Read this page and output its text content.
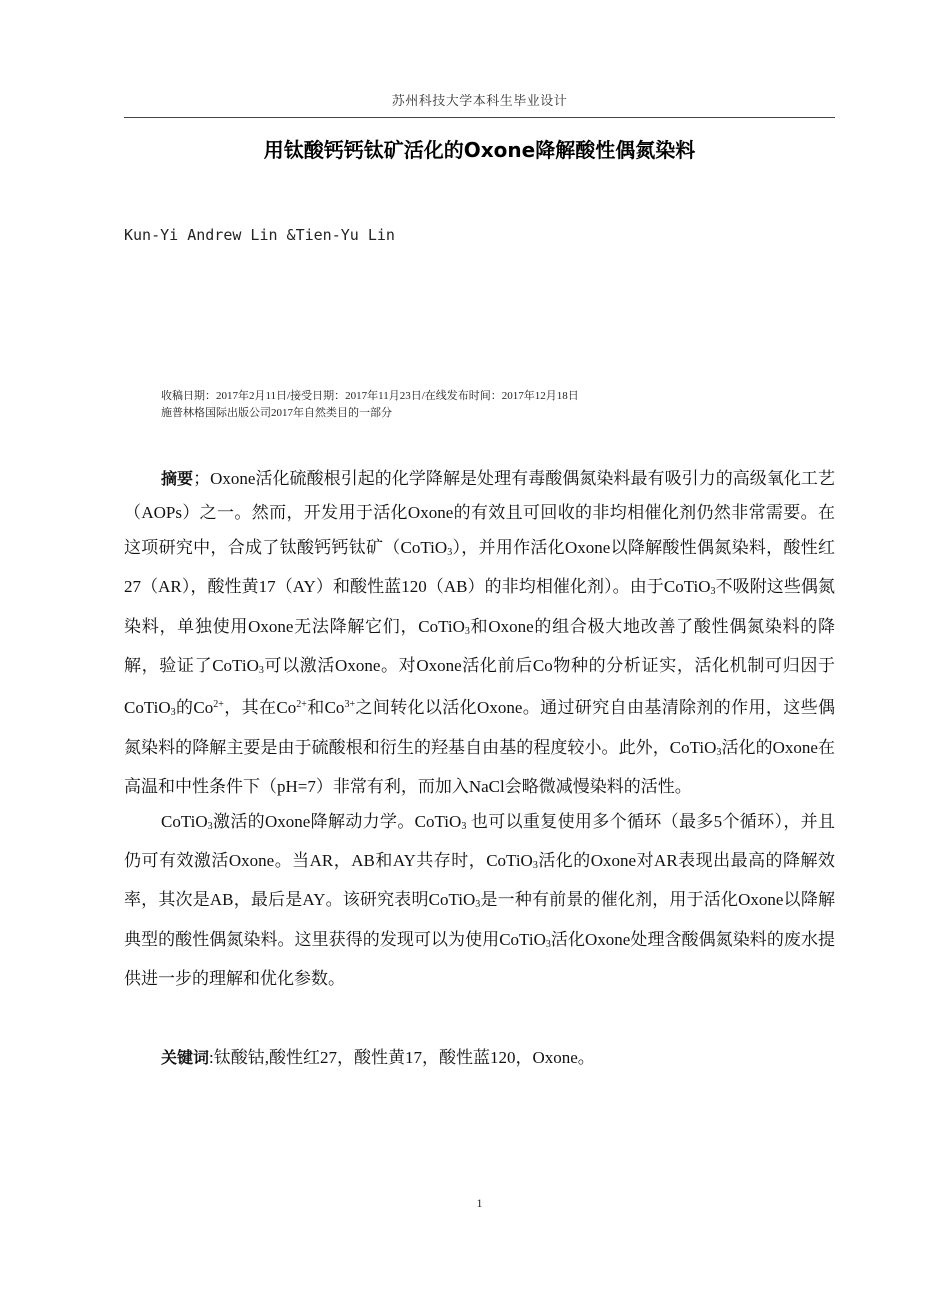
苏州科技大学本科生毕业设计
用钛酸钙钙钛矿活化的Oxone降解酸性偶氮染料
Kun-Yi Andrew Lin &Tien-Yu Lin
收稿日期：2017年2月11日/接受日期：2017年11月23日/在线发布时间：2017年12月18日
施普林格国际出版公司2017年自然类目的一部分

摘要；Oxone活化硫酸根引起的化学降解是处理有毒酸偶氮染料最有吸引力的高级氧化工艺（AOPs）之一。然而，开发用于活化Oxone的有效且可回收的非均相催化剂仍然非常需要。在这项研究中，合成了钛酸钙钙钛矿（CoTiO$_3$），并用作活化Oxone以降解酸性偶氮染料，酸性红27（AR），酸性黄17（AY）和酸性蓝120（AB）的非均相催化剂）。由于CoTiO$_3$不吸附这些偶氮染料，单独使用Oxone无法降解它们，CoTiO$_3$和Oxone的组合极大地改善了酸性偶氮染料的降解，验证了CoTiO$_3$可以激活Oxone。对Oxone活化前后Co物种的分析证实，活化机制可归因于CoTiO$_3$的$Co^{2+}$，其在$Co^{2+}$和$Co^{3+}$之间转化以活化Oxone。通过研究自由基清除剂的作用，这些偶氮染料的降解主要是由于硫酸根和衍生的羟基自由基的程度较小。此外，CoTiO$_3$活化的Oxone在高温和中性条件下（pH=7）非常有利，而加入NaCl会略微减慢染料的活性。

CoTiO$_3$激活的Oxone降解动力学。CoTiO$_3$ 也可以重复使用多个循环（最多5个循环），并且仍可有效激活Oxone。当AR，AB和AY共存时，CoTiO$_3$活化的Oxone对AR表现出最高的降解效率，其次是AB，最后是AY。该研究表明CoTiO$_3$是一种有前景的催化剂，用于活化Oxone以降解典型的酸性偶氮染料。这里获得的发现可以为使用CoTiO$_3$活化Oxone处理含酸偶氮染料的废水提供进一步的理解和优化参数。

关键词:钛酸钴,酸性红27，酸性黄17，酸性蓝120，Oxone。
1
